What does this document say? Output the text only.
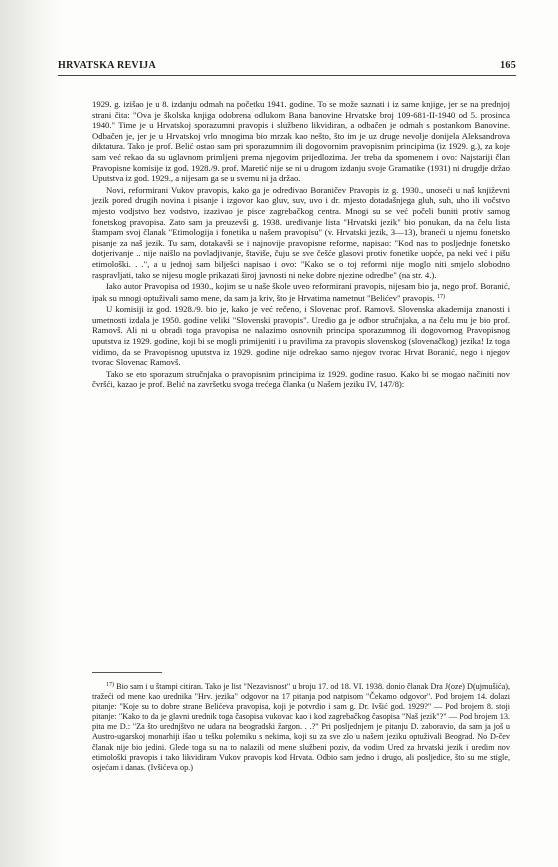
HRVATSKA REVIJA	165

1929. g. izišao je u 8. izdanju odmah na početku 1941. godine. To se može saznati i iz same knjige, jer se na prednjoj strani čita: "Ova je školska knjiga odobrena odlukom Bana banovine Hrvatske broj 109-681-II-1940 od 5. prosinca 1940." Time je u Hrvatskoj sporazumni pravopis i službeno likvidiran, a odbačen je odmah s postankom Banovine. Odbačen je, jer je u Hrvatskoj vrlo mnogima bio mrzak kao nešto, što im je uz druge nevolje donijela Aleksandrova diktatura. Tako je prof. Belić ostao sam pri sporazumnim ili dogovornim pravopisnim principima (iz 1929. g.), za koje sam već rekao da su uglavnom primljeni prema njegovim prijedlozima. Jer treba da spomenem i ovo: Najstariji član Pravopisne komisije iz god. 1928./9. prof. Maretić nije se ni u drugom izdanju svoje Gramatike (1931) ni drugdje držao Uputstva iz god. 1929., a nijesam ga se u svemu ni ja držao.

Novi, reformirani Vukov pravopis, kako ga je određivao Boraničev Pravopis iz g. 1930., unoseći u naš književni jezik pored drugih novina i pisanje i izgovor kao gluv, suv, uvo i dr. mjesto dotadašnjega gluh, suh, uho ili vočstvo mjesto vodjstvo bez vodstvo, izazivao je pisce zagrebačkog centra. Mnogi su se već počeli buniti protiv samog fonetskog pravopisa. Zato sam ja preuzevši g. 1938. uređivanje lista "Hrvatski jezik" bio ponukan, da na čelu lista štampam svoj članak "Etimologija i fonetika u našem pravopisu" (v. Hrvatski jezik, 3—13), braneći u njemu fonetsko pisanje za naš jezik. Tu sam, dotakavši se i najnovije pravopisne reforme, napisao: "Kod nas to posljednje fonetsko dotjerivanje .. nije naišlo na povladjivanje, štaviše, čuju se sve češće glasovi protiv fonetike uopće, pa neki već i pišu etimološki. . .", a u jednoj sam bilješci napisao i ovo: "Kako se o toj reformi nije moglo niti smjelo slobodno raspravljati, tako se nijesu mogle prikazati širој javnosti ni neke dobre njezine odredbe" (na str. 4.).

Iako autor Pravopisa od 1930., kojim se u naše škole uveo reformirani pravopis, nijesam bio ja, nego prof. Boranić, ipak su mnogi optuživali samo mene, da sam ja kriv, što je Hrvatima nametnut "Belićev" pravopis. $^{17)}$

U komisiji iz god. 1928./9. bio je, kako je već rečeno, i Slovenac prof. Ramovš. Slovenska akademija znanosti i umetnosti izdala je 1950. godine veliki "Slovenski pravopis". Uredio ga je odbor stručnjaka, a na čelu mu je bio prof. Ramovš. Ali ni u obradi toga pravopisa ne nalazimo osnovnih principa sporazumnog ili dogovornog Pravopisnog uputstva iz 1929. godine, koji bi se mogli primijeniti i u pravilima za pravopis slovenskog (slovenačkog) jezika! Iz toga vidimo, da se Pravopisnog uputstva iz 1929. godine nije odrekao samo njegov tvorac Hrvat Boranić, nego i njegov tvorac Slovenac Ramovš.

Tako se eto sporazum stručnjaka o pravopisnim principima iz 1929. godine rasuo. Kako bi se mogao načiniti nov čvršći, kazao je prof. Belić na završetku svoga trećega članka (u Našem jeziku IV, 147/8):

$^{17)}$ Bio sam i u štampi citiran. Tako je list "Nezavisnost" u broju 17. od 18. VI. 1938. donio članak Dra J(oze) D(ujmušića), tražeći od mene kao urednika "Hrv. jezika" odgovor na 17 pitanja pod natpisom "Čekamo odgovor". Pod brojem 14. dolazi pitanje: "Koje su to dobre strane Belićeva pravopisa, koji je potvrdio i sam g. Dr. Ivšić god. 1929?" — Pod brojem 8. stoji pitanje: "Kako to da je glavni urednik toga časopisa vukovac kao i kod zagrebačkog časopisa "Naš jezik"?" — Pod brojem 13. pita me D.: "Za što urednjštvo ne udara na beogradski žargon. . .?" Pri posljednjem je pitanju D. zaboravio, da sam ja još u Austro-ugarskoj monarhiji išao u tešku polemiku s nekima, koji su za sve zlo u našem jeziku optuživali Beograd. No D-čev članak nije bio jedini. Glede toga su na to nalazili od mene službeni poziv, da vodim Ured za hrvatski jezik i uredim nov etimološki pravopis i tako likvidiram Vukov pravopis kod Hrvata. Odbio sam jedno i drugo, ali posljedice, što su me stigle, osjećam i danas. (Ivšićeva op.)
